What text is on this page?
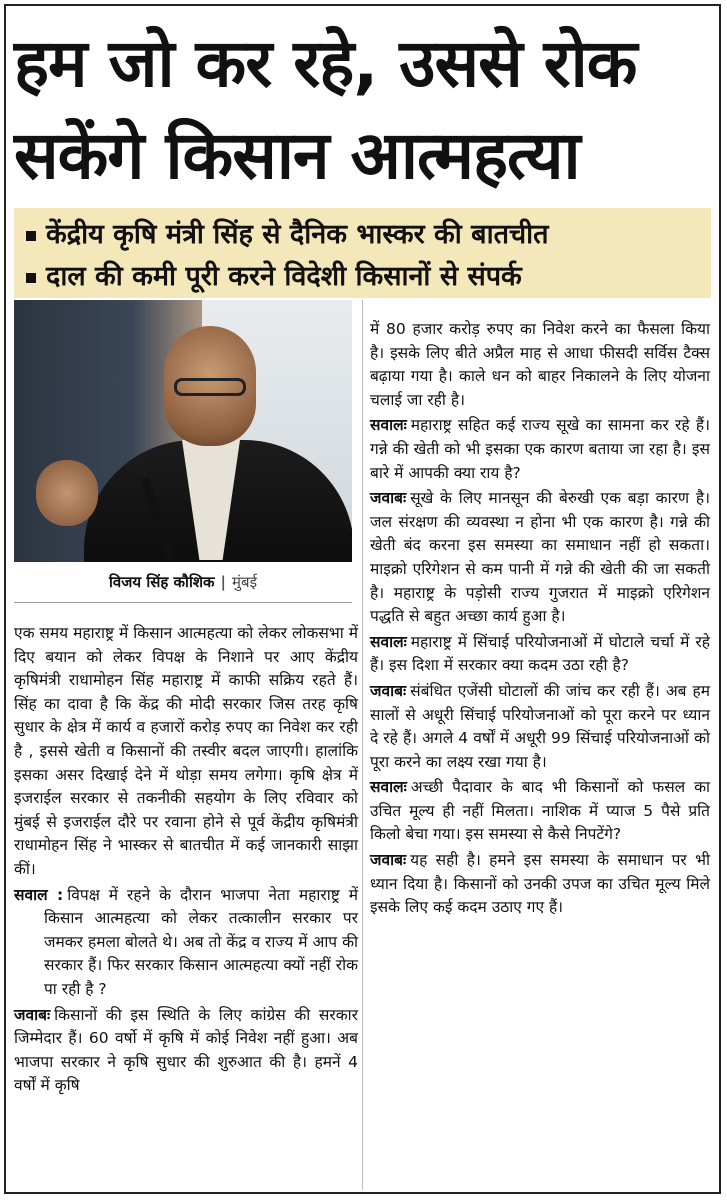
हम जो कर रहे, उससे रोक
सकेंगे किसान आत्महत्या
केंद्रीय कृषि मंत्री सिंह से दैनिक भास्कर की बातचीत
दाल की कमी पूरी करने विदेशी किसानों से संपर्क
विजय सिंह कौशिक | मुंबई

एक समय महाराष्ट्र में किसान आत्महत्या को लेकर लोकसभा में दिए बयान को लेकर विपक्ष के निशाने पर आए केंद्रीय कृषिमंत्री राधामोहन सिंह महाराष्ट्र में काफी सक्रिय रहते हैं। सिंह का दावा है कि केंद्र की मोदी सरकार जिस तरह कृषि सुधार के क्षेत्र में कार्य व हजारों करोड़ रुपए का निवेश कर रही है , इससे खेती व किसानों की तस्वीर बदल जाएगी। हालांकि इसका असर दिखाई देने में थोड़ा समय लगेगा। कृषि क्षेत्र में इजराईल सरकार से तकनीकी सहयोग के लिए रविवार को मुंबई से इजराईल दौरे पर रवाना होने से पूर्व केंद्रीय कृषिमंत्री राधामोहन सिंह ने भास्कर से बातचीत में कई जानकारी साझा कीं।

सवाल : विपक्ष में रहने के दौरान भाजपा नेता महाराष्ट्र में किसान आत्महत्या को लेकर तत्कालीन सरकार पर जमकर हमला बोलते थे। अब तो केंद्र व राज्य में आप की सरकार हैं। फिर सरकार किसान आत्महत्या क्यों नहीं रोक पा रही है ?
जवाबः किसानों की इस स्थिति के लिए कांग्रेस की सरकार जिम्मेदार हैं। 60 वर्षो में कृषि में कोई निवेश नहीं हुआ। अब भाजपा सरकार ने कृषि सुधार की शुरुआत की है। हमनें 4 वर्षों में कृषि

में 80 हजार करोड़ रुपए का निवेश करने का फैसला किया है। इसके लिए बीते अप्रैल माह से आधा फीसदी सर्विस टैक्स बढ़ाया गया है। काले धन को बाहर निकालने के लिए योजना चलाई जा रही है।

सवालः महाराष्ट्र सहित कई राज्य सूखे का सामना कर रहे हैं। गन्ने की खेती को भी इसका एक कारण बताया जा रहा है। इस बारे में आपकी क्या राय है?
जवाबः सूखे के लिए मानसून की बेरुखी एक बड़ा कारण है। जल संरक्षण की व्यवस्था न होना भी एक कारण है। गन्ने की खेती बंद करना इस समस्या का समाधान नहीं हो सकता। माइक्रो एरिगेशन से कम पानी में गन्ने की खेती की जा सकती है। महाराष्ट्र के पड़ोसी राज्य गुजरात में माइक्रो एरिगेशन पद्धति से बहुत अच्छा कार्य हुआ है।
सवालः महाराष्ट्र में सिंचाई परियोजनाओं में घोटाले चर्चा में रहे हैं। इस दिशा में सरकार क्या कदम उठा रही है?
जवाबः संबंधित एजेंसी घोटालों की जांच कर रही हैं। अब हम सालों से अधूरी सिंचाई परियोजनाओं को पूरा करने पर ध्यान दे रहे हैं। अगले 4 वर्षों में अधूरी 99 सिंचाई परियोजनाओं को पूरा करने का लक्ष्य रखा गया है।
सवालः अच्छी पैदावार के बाद भी किसानों को फसल का उचित मूल्य ही नहीं मिलता। नाशिक में प्याज 5 पैसे प्रति किलो बेचा गया। इस समस्या से कैसे निपटेंगे?
जवाबः यह सही है। हमने इस समस्या के समाधान पर भी ध्यान दिया है। किसानों को उनकी उपज का उचित मूल्य मिले इसके लिए कई कदम उठाए गए हैं।
